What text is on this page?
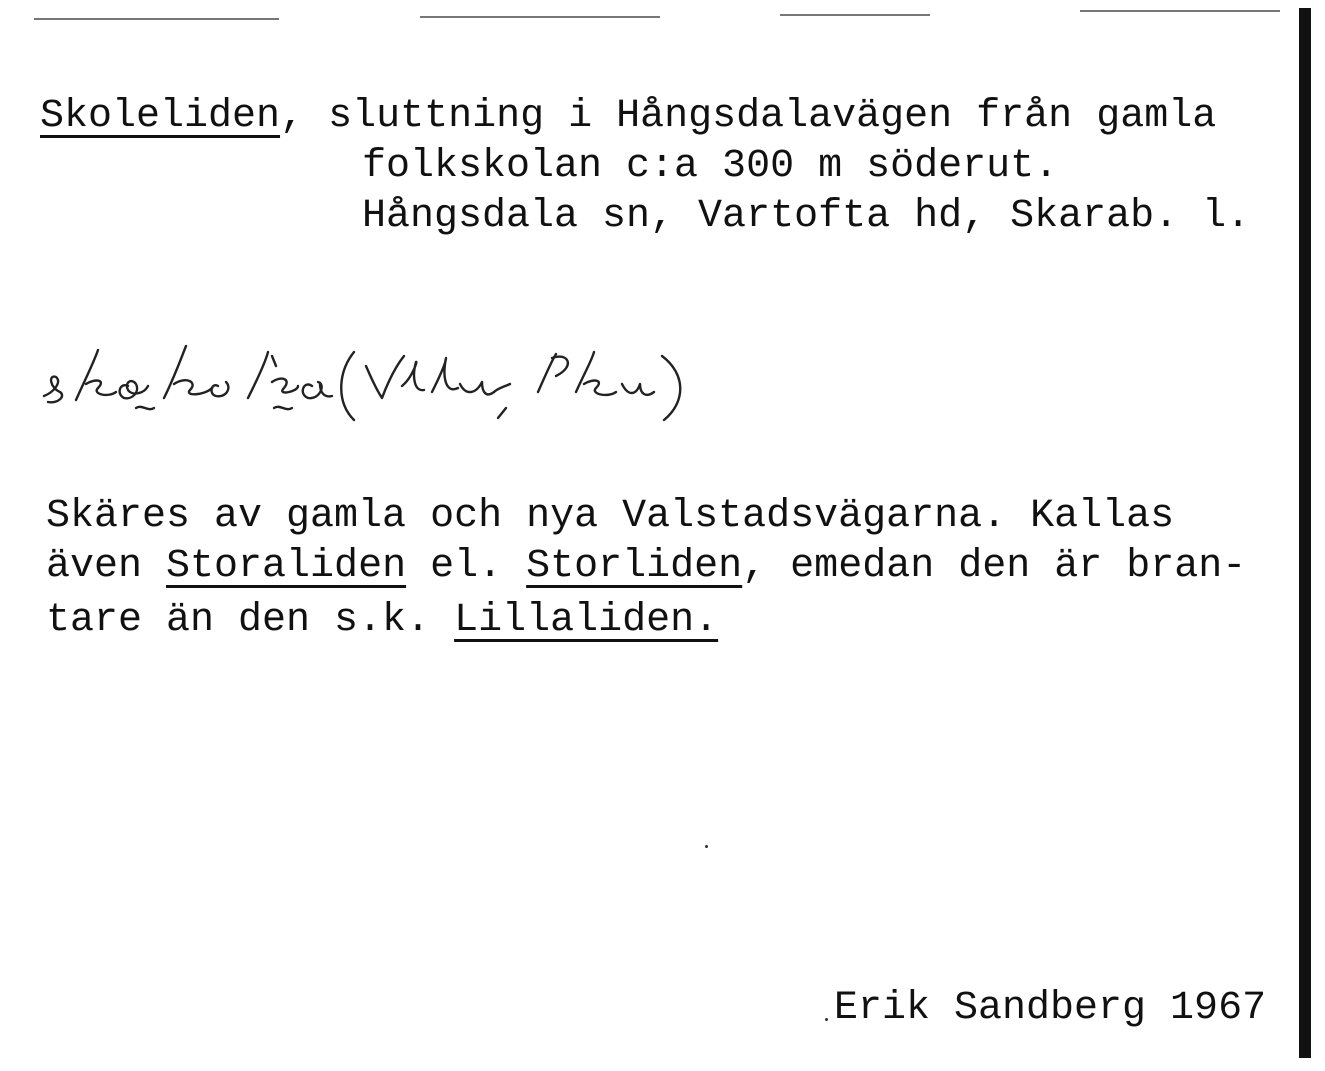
Skoleliden, sluttning i Hångsdalavägen från gamla
folkskolan c:a 300 m söderut.
Hångsdala sn, Vartofta hd, Skarab. l.
Skäres av gamla och nya Valstadsvägarna. Kallas
även Storaliden el. Storliden, emedan den är bran-
tare än den s.k. Lillaliden.
Erik Sandberg 1967
